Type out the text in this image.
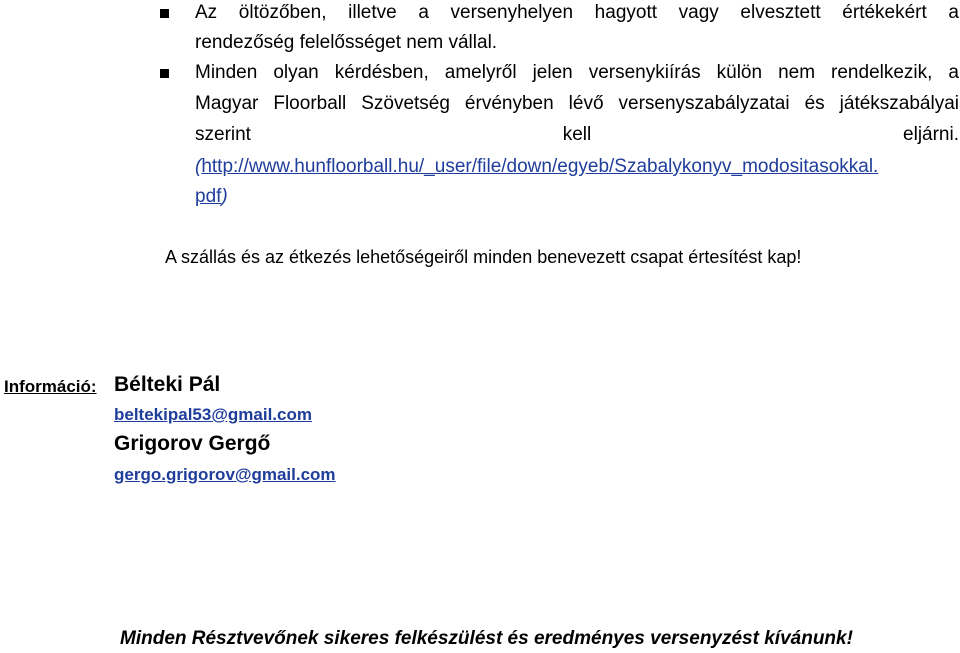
Az öltözőben, illetve a versenyhelyen hagyott vagy elvesztett értékekért a
rendezőség felelősséget nem vállal.
Minden olyan kérdésben, amelyről jelen versenykiírás külön nem rendelkezik, a
Magyar Floorball Szövetség érvényben lévő versenyszabályzatai és játékszabályai
szerint kell eljárni.
(http://www.hunfloorball.hu/_user/file/down/egyeb/Szabalykonyv_modositasokkal.
pdf)
A szállás és az étkezés lehetőségeiről minden benevezett csapat értesítést kap!
Információ: Bélteki Pál
beltekipal53@gmail.com
Grigorov Gergő
gergo.grigorov@gmail.com
Minden Résztvevőnek sikeres felkészülést és eredményes versenyzést kívánunk!
